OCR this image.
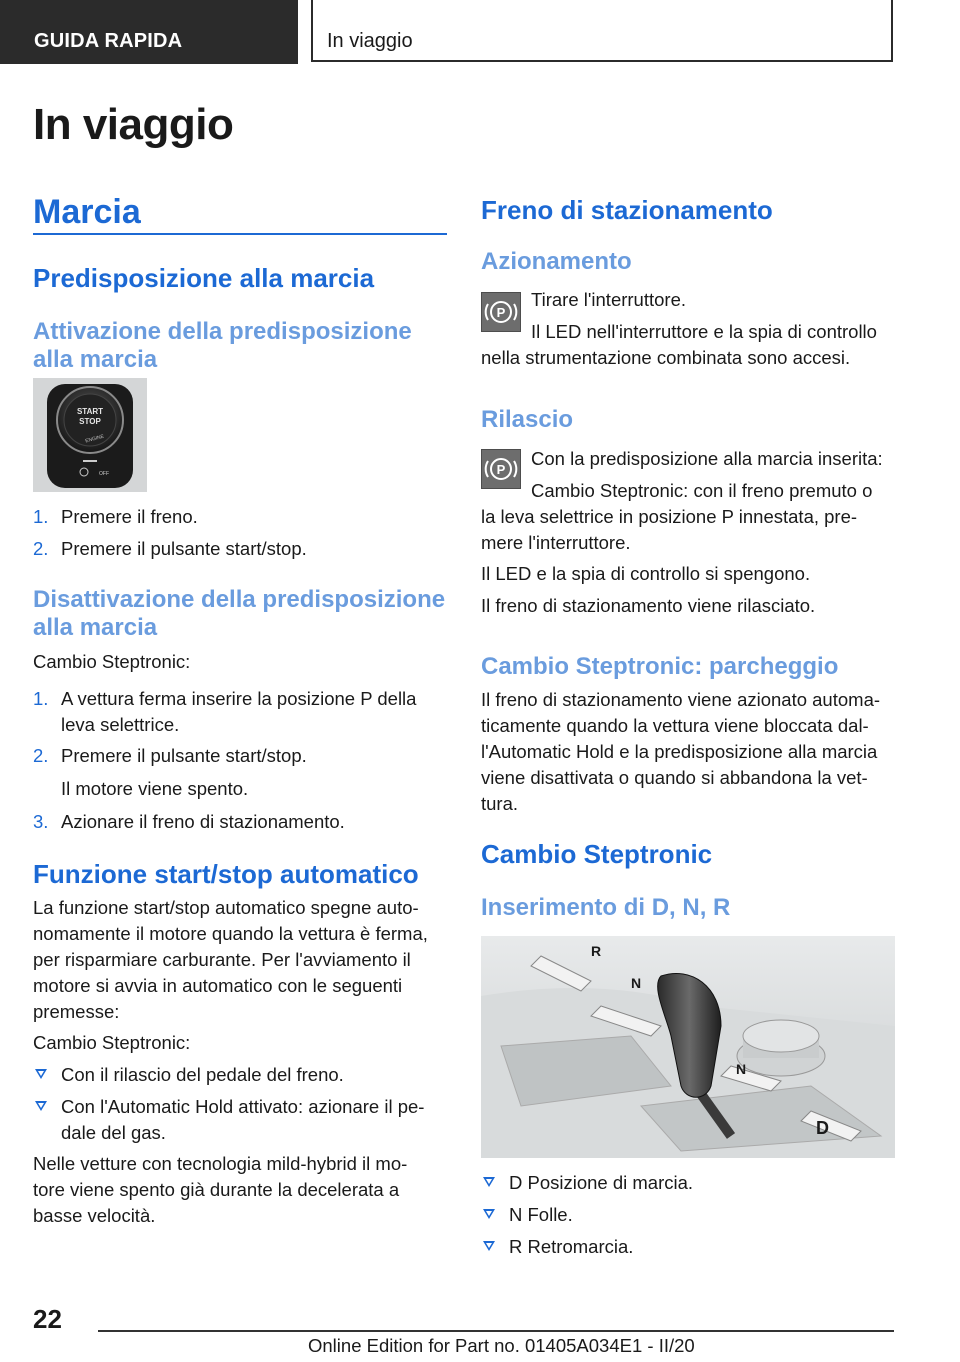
GUIDA RAPIDA	In viaggio
In viaggio
Marcia
Predisposizione alla marcia
Attivazione della predisposizione alla marcia
START
STOP
ENGINE
OFF
1. Premere il freno.
2. Premere il pulsante start/stop.
Disattivazione della predisposizione
alla marcia
Cambio Steptronic:
1. A vettura ferma inserire la posizione P della
leva selettrice.
2. Premere il pulsante start/stop.
Il motore viene spento.
3. Azionare il freno di stazionamento.
Funzione start/stop automatico
La funzione start/stop automatico spegne auto‐
nomamente il motore quando la vettura è ferma,
per risparmiare carburante. Per l'avviamento il
motore si avvia in automatico con le seguenti
premesse:
Cambio Steptronic:
Con il rilascio del pedale del freno.
Con l'Automatic Hold attivato: azionare il pe‐
dale del gas.
Nelle vetture con tecnologia mild-hybrid il mo‐
tore viene spento già durante la decelerata a
basse velocità.
Freno di stazionamento
Azionamento
P
Tirare l'interruttore.
Il LED nell'interruttore e la spia di controllo
nella strumentazione combinata sono accesi.
Rilascio
P
Con la predisposizione alla marcia inserita:
Cambio Steptronic: con il freno premuto o
la leva selettrice in posizione P innestata, pre‐
mere l'interruttore.
Il LED e la spia di controllo si spengono.
Il freno di stazionamento viene rilasciato.
Cambio Steptronic: parcheggio
Il freno di stazionamento viene azionato automa‐
ticamente quando la vettura viene bloccata dal‐
l'Automatic Hold e la predisposizione alla marcia
viene disattivata o quando si abbandona la vet‐
tura.
Cambio Steptronic
Inserimento di D, N, R
R
N
N
D
D Posizione di marcia.
N Folle.
R Retromarcia.
22
Online Edition for Part no. 01405A034E1 - II/20
